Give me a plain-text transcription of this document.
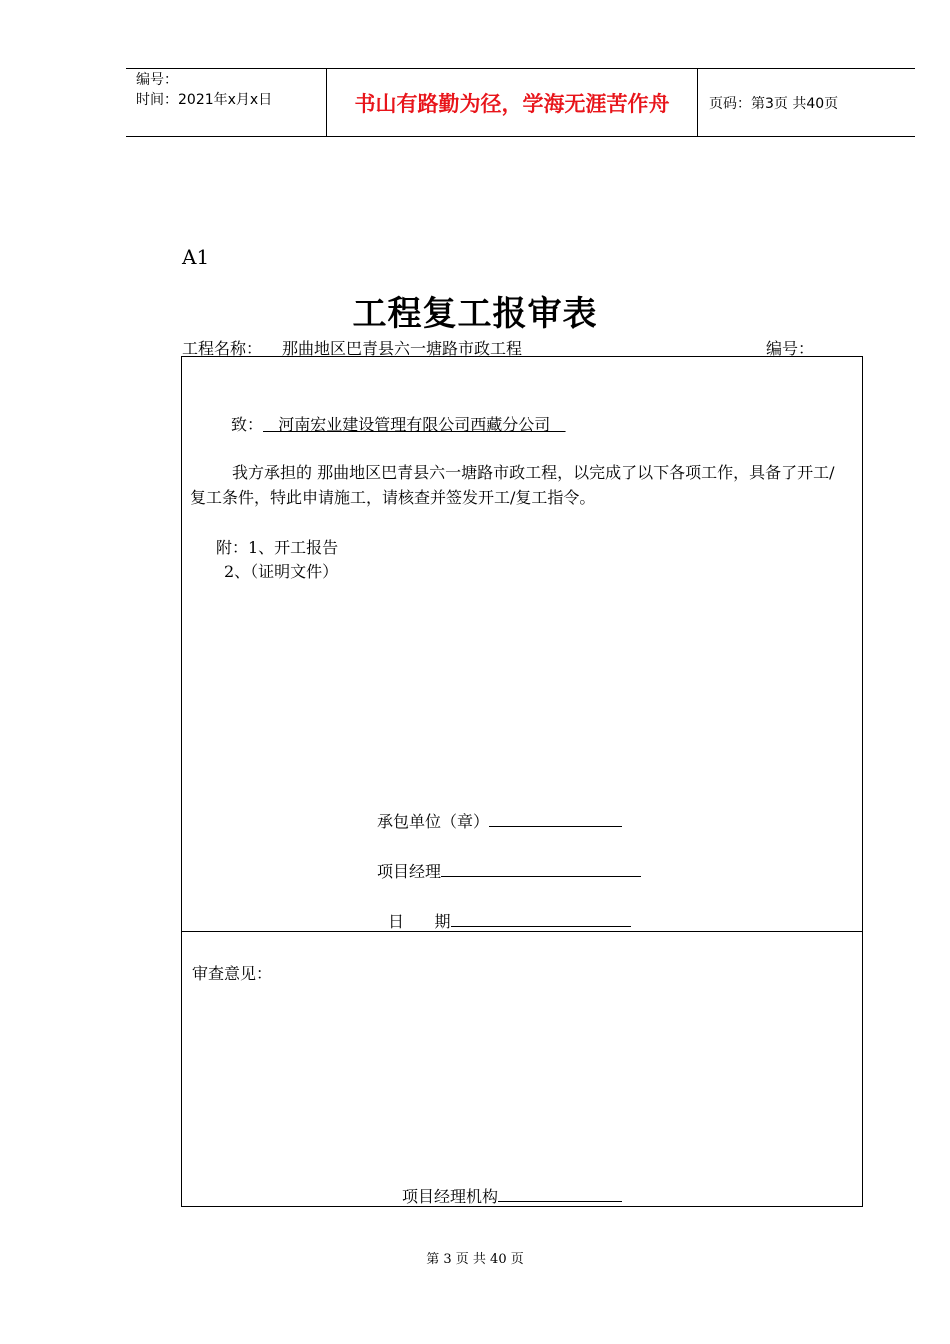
编号：
时间：2021年x月x日	书山有路勤为径，学海无涯苦作舟	页码：第3页 共40页
A1
工程复工报审表
工程名称： 那曲地区巴青县六一塘路市政工程	编号：
致：   河南宏业建设管理有限公司西藏分公司
我方承担的 那曲地区巴青县六一塘路市政工程，以完成了以下各项工作，具备了开工/复工条件，特此申请施工，请核查并签发开工/复工指令。
附：1、开工报告
2、（证明文件）
承包单位（章）
项目经理
日      期
审查意见：
项目经理机构
第 3 页 共 40 页
